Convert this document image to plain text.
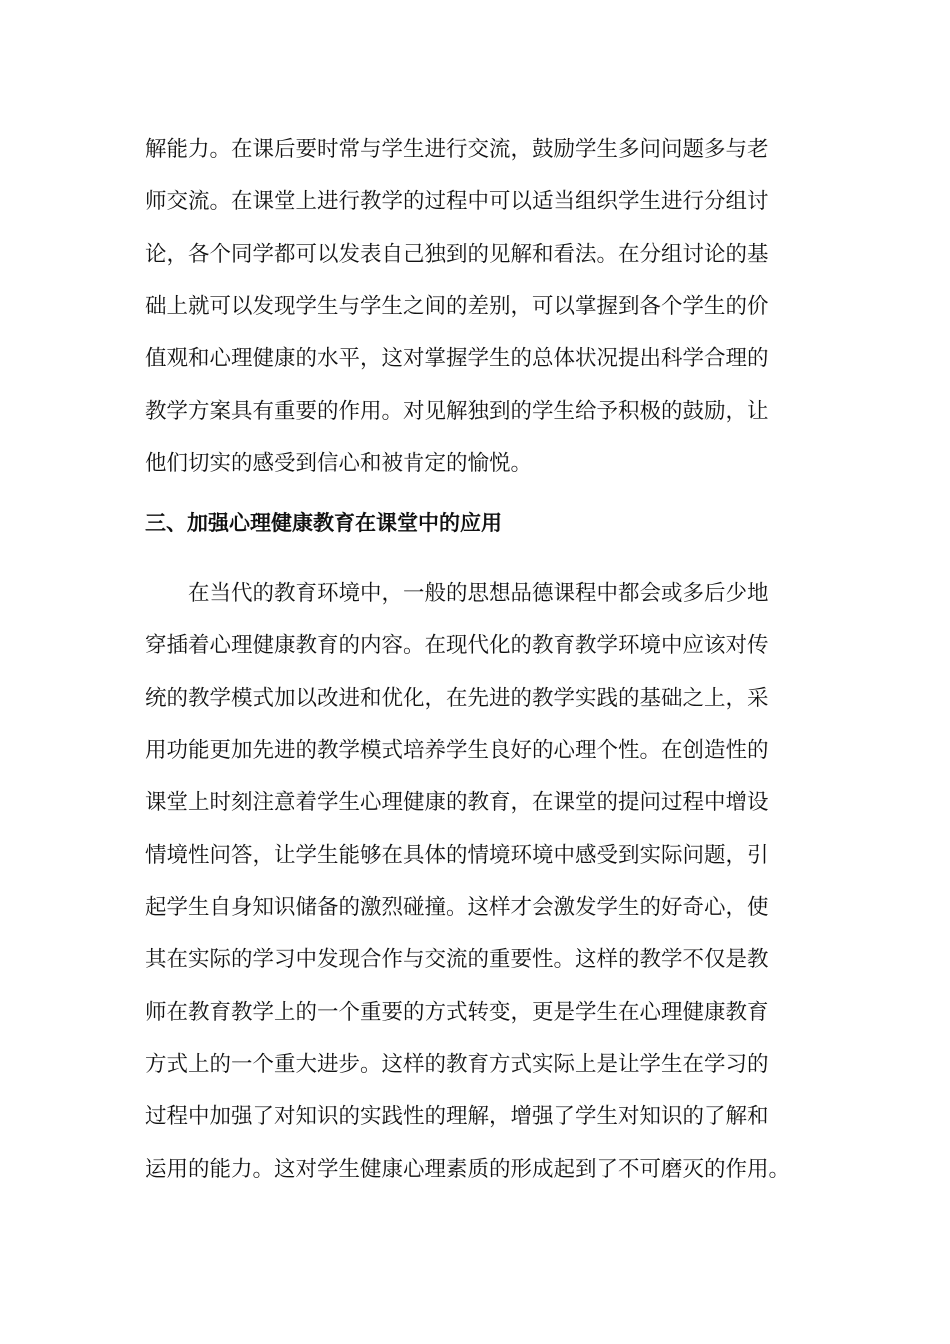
解能力。在课后要时常与学生进行交流，鼓励学生多问问题多与老
师交流。在课堂上进行教学的过程中可以适当组织学生进行分组讨
论，各个同学都可以发表自己独到的见解和看法。在分组讨论的基
础上就可以发现学生与学生之间的差别，可以掌握到各个学生的价
值观和心理健康的水平，这对掌握学生的总体状况提出科学合理的
教学方案具有重要的作用。对见解独到的学生给予积极的鼓励，让
他们切实的感受到信心和被肯定的愉悦。
三、加强心理健康教育在课堂中的应用
在当代的教育环境中，一般的思想品德课程中都会或多后少地
穿插着心理健康教育的内容。在现代化的教育教学环境中应该对传
统的教学模式加以改进和优化，在先进的教学实践的基础之上，采
用功能更加先进的教学模式培养学生良好的心理个性。在创造性的
课堂上时刻注意着学生心理健康的教育，在课堂的提问过程中增设
情境性问答，让学生能够在具体的情境环境中感受到实际问题，引
起学生自身知识储备的激烈碰撞。这样才会激发学生的好奇心，使
其在实际的学习中发现合作与交流的重要性。这样的教学不仅是教
师在教育教学上的一个重要的方式转变，更是学生在心理健康教育
方式上的一个重大进步。这样的教育方式实际上是让学生在学习的
过程中加强了对知识的实践性的理解，增强了学生对知识的了解和
运用的能力。这对学生健康心理素质的形成起到了不可磨灭的作用。
